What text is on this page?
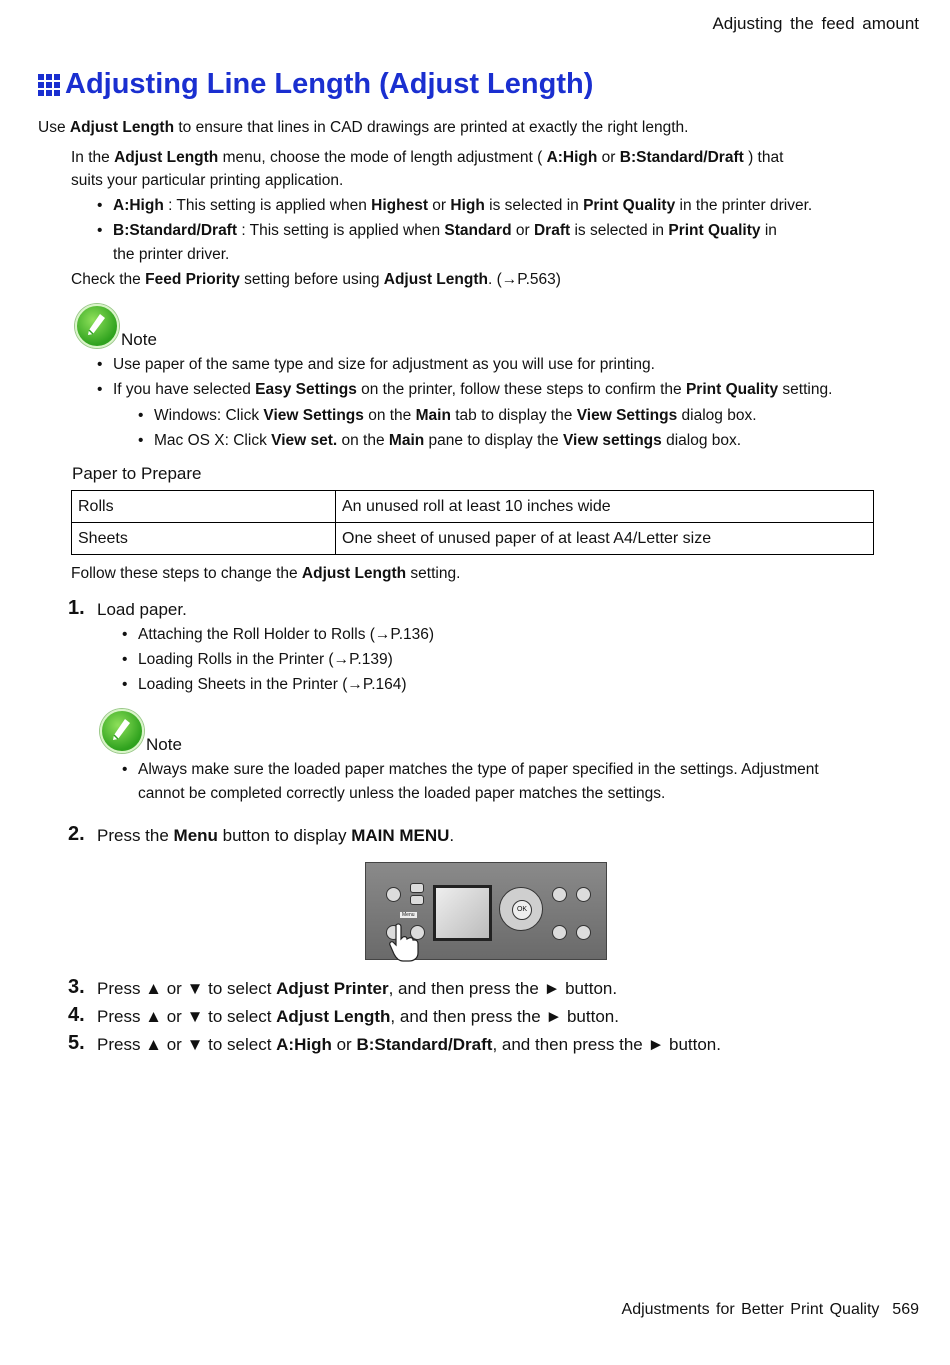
Adjusting the feed amount
Adjusting Line Length (Adjust Length)
Use Adjust Length to ensure that lines in CAD drawings are printed at exactly the right length.
In the Adjust Length menu, choose the mode of length adjustment ( A:High or B:Standard/Draft ) that
suits your particular printing application.
• A:High : This setting is applied when Highest or High is selected in Print Quality in the printer driver.
• B:Standard/Draft : This setting is applied when Standard or Draft is selected in Print Quality in
the printer driver.
Check the Feed Priority setting before using Adjust Length. (→P.563)
Note
• Use paper of the same type and size for adjustment as you will use for printing.
• If you have selected Easy Settings on the printer, follow these steps to confirm the Print Quality setting.
• Windows: Click View Settings on the Main tab to display the View Settings dialog box.
• Mac OS X: Click View set. on the Main pane to display the View settings dialog box.
Paper to Prepare
Rolls	An unused roll at least 10 inches wide
Sheets	One sheet of unused paper of at least A4/Letter size
Follow these steps to change the Adjust Length setting.
1. Load paper.
• Attaching the Roll Holder to Rolls (→P.136)
• Loading Rolls in the Printer (→P.139)
• Loading Sheets in the Printer (→P.164)
Note
• Always make sure the loaded paper matches the type of paper specified in the settings. Adjustment
cannot be completed correctly unless the loaded paper matches the settings.
2. Press the Menu button to display MAIN MENU.
Menu
OK
3. Press ▲ or ▼ to select Adjust Printer, and then press the ► button.
4. Press ▲ or ▼ to select Adjust Length, and then press the ► button.
5. Press ▲ or ▼ to select A:High or B:Standard/Draft, and then press the ► button.
Adjustments for Better Print Quality 569
